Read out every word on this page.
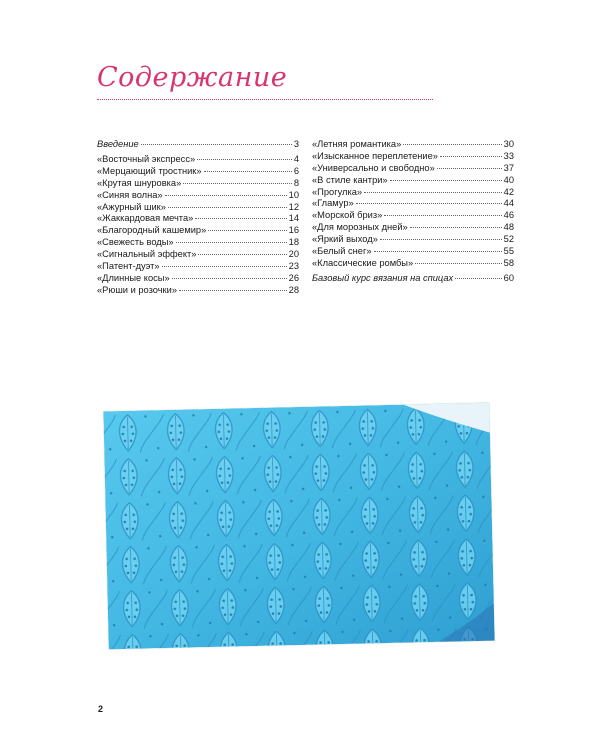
Содержание
Введение	3
«Восточный экспресс»	4
«Мерцающий тростник»	6
«Крутая шнуровка»	8
«Синяя волна»	10
«Ажурный шик»	12
«Жаккардовая мечта»	14
«Благородный кашемир»	16
«Свежесть воды»	18
«Сигнальный эффект»	20
«Патент-дуэт»	23
«Длинные косы»	26
«Рюши и розочки»	28
«Летняя романтика»	30
«Изысканное переплетение»	33
«Универсально и свободно»	37
«В стиле кантри»	40
«Прогулка»	42
«Гламур»	44
«Морской бриз»	46
«Для морозных дней»	48
«Яркий выход»	52
«Белый снег»	55
«Классические ромбы»	58
Базовый курс вязания на спицах	60
2
